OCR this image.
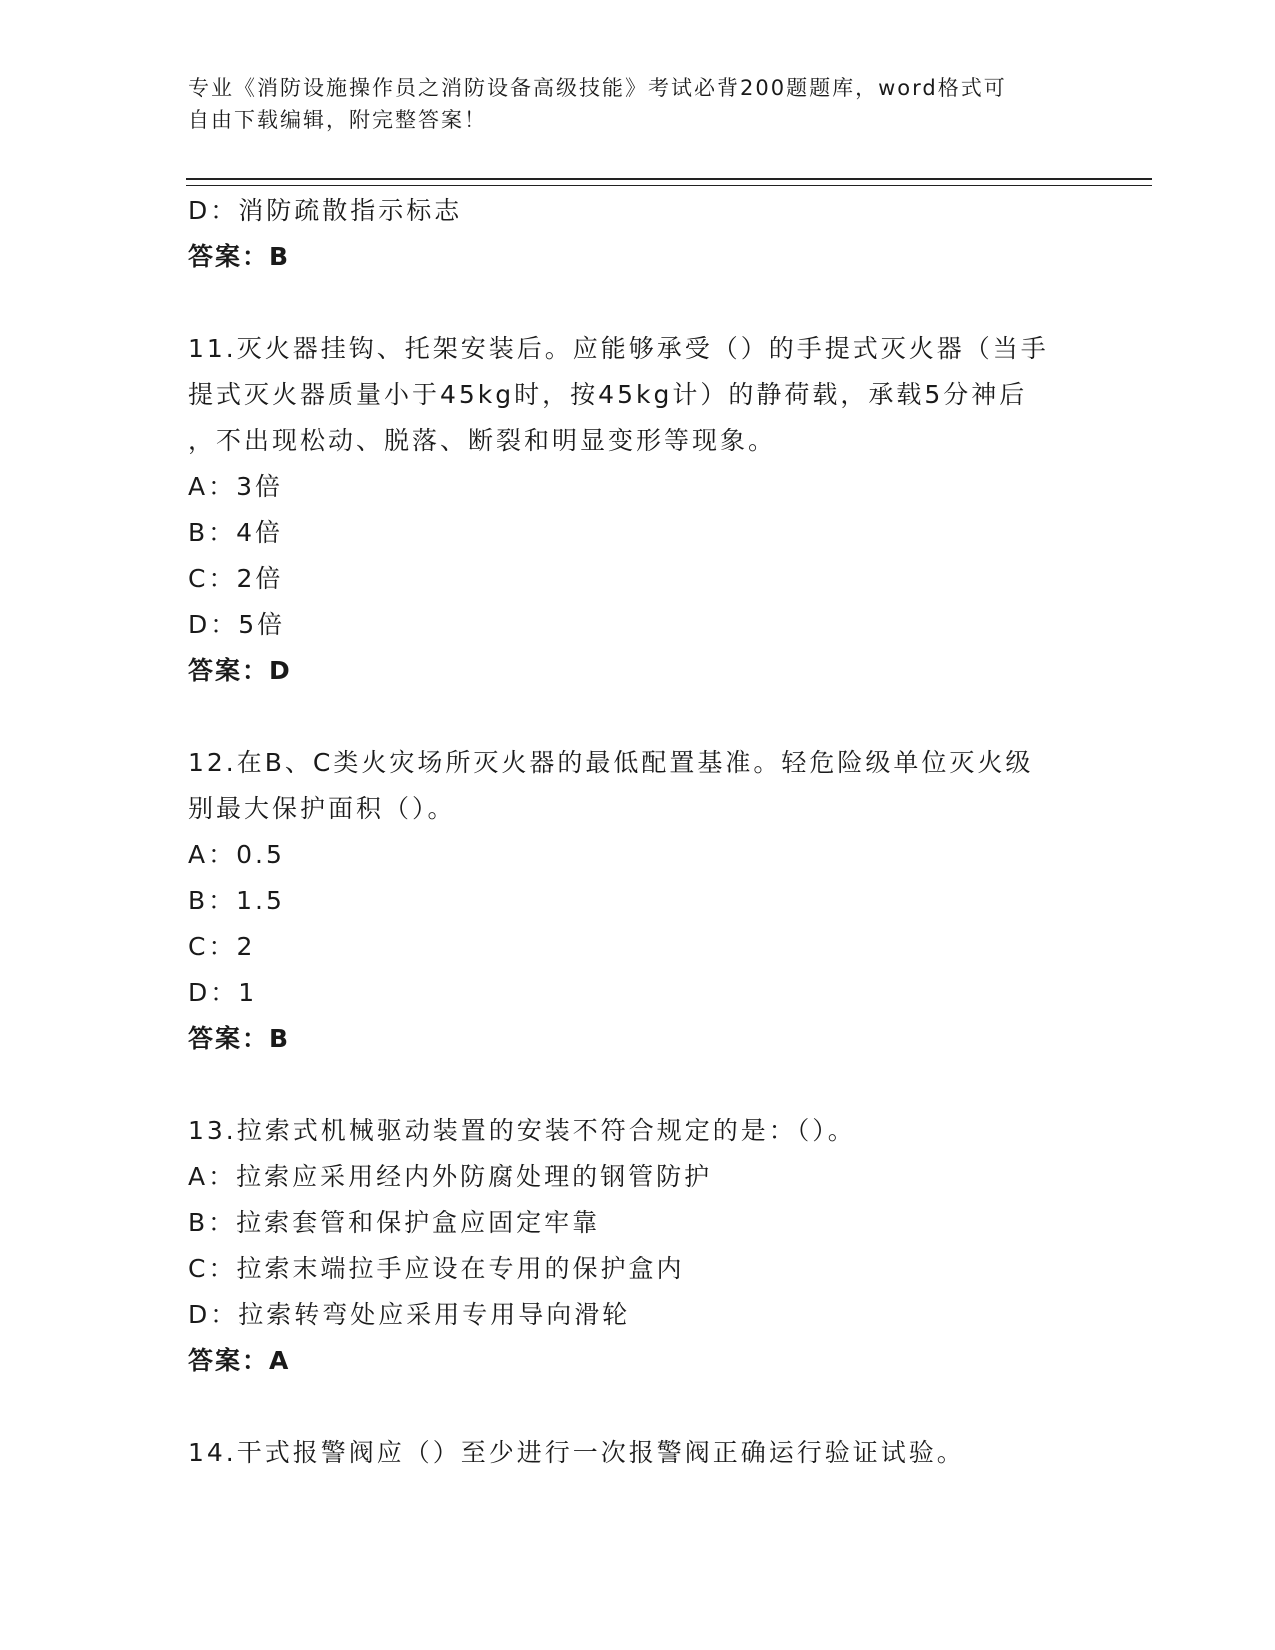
专业《消防设施操作员之消防设备高级技能》考试必背200题题库，word格式可
自由下载编辑，附完整答案！

D：消防疏散指示标志

答案：B

11.灭火器挂钩、托架安装后。应能够承受（）的手提式灭火器（当手

提式灭火器质量小于45kg时，按45kg计）的静荷载，承载5分神后

，不出现松动、脱落、断裂和明显变形等现象。

A：3倍

B：4倍

C：2倍

D：5倍

答案：D

12.在B、C类火灾场所灭火器的最低配置基准。轻危险级单位灭火级

别最大保护面积（）。

A：0.5

B：1.5

C：2

D：1

答案：B

13.拉索式机械驱动装置的安装不符合规定的是：（）。

A：拉索应采用经内外防腐处理的钢管防护

B：拉索套管和保护盒应固定牢靠

C：拉索末端拉手应设在专用的保护盒内

D：拉索转弯处应采用专用导向滑轮

答案：A

14.干式报警阀应（）至少进行一次报警阀正确运行验证试验。
